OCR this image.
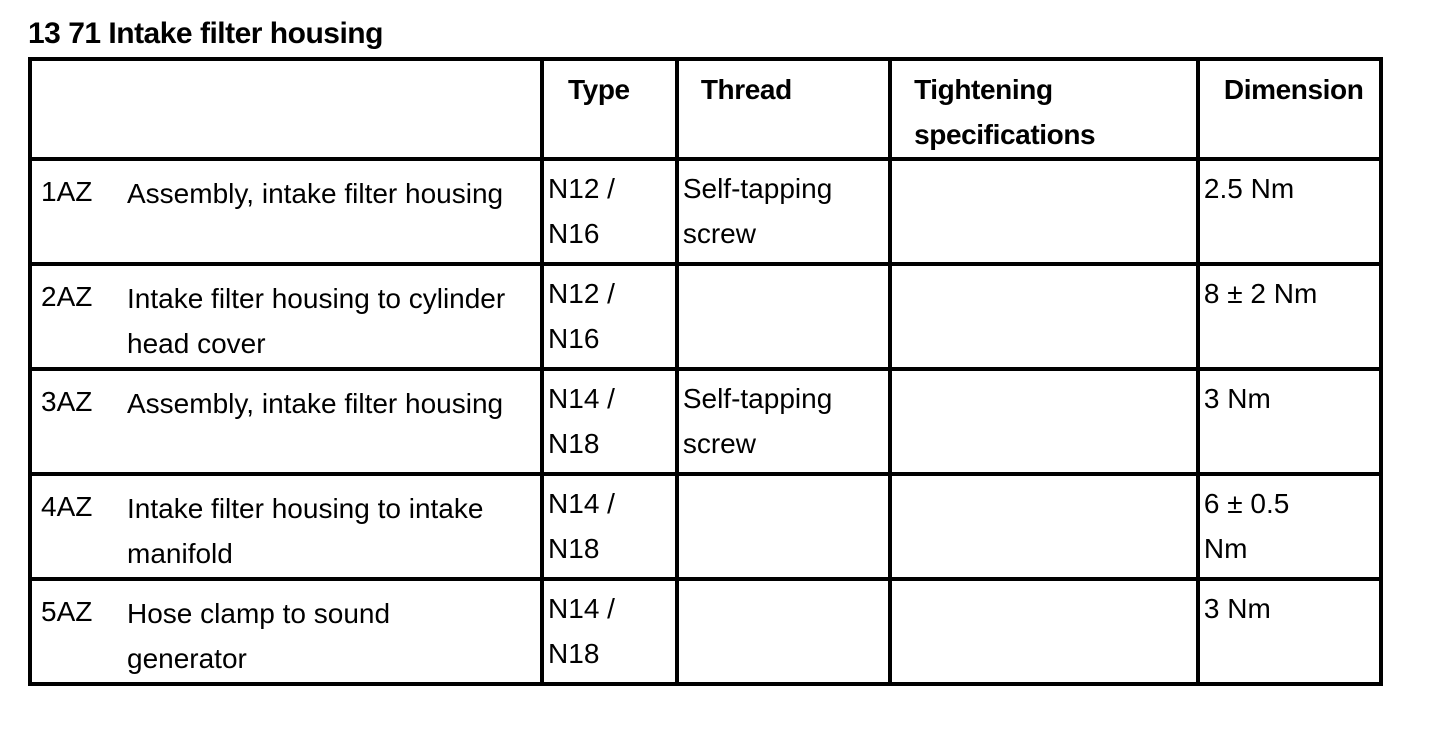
13 71 Intake filter housing
	Type	Thread	Tightening specifications	Dimension

1AZ Assembly, intake filter housing	N12 / N16	Self-tapping screw		2.5 Nm

2AZ Intake filter housing to cylinder head cover	N12 / N16			8 ± 2 Nm

3AZ Assembly, intake filter housing	N14 / N18	Self-tapping screw		3 Nm

4AZ Intake filter housing to intake manifold	N14 / N18			6 ± 0.5 Nm

5AZ Hose clamp to sound generator	N14 / N18			3 Nm
